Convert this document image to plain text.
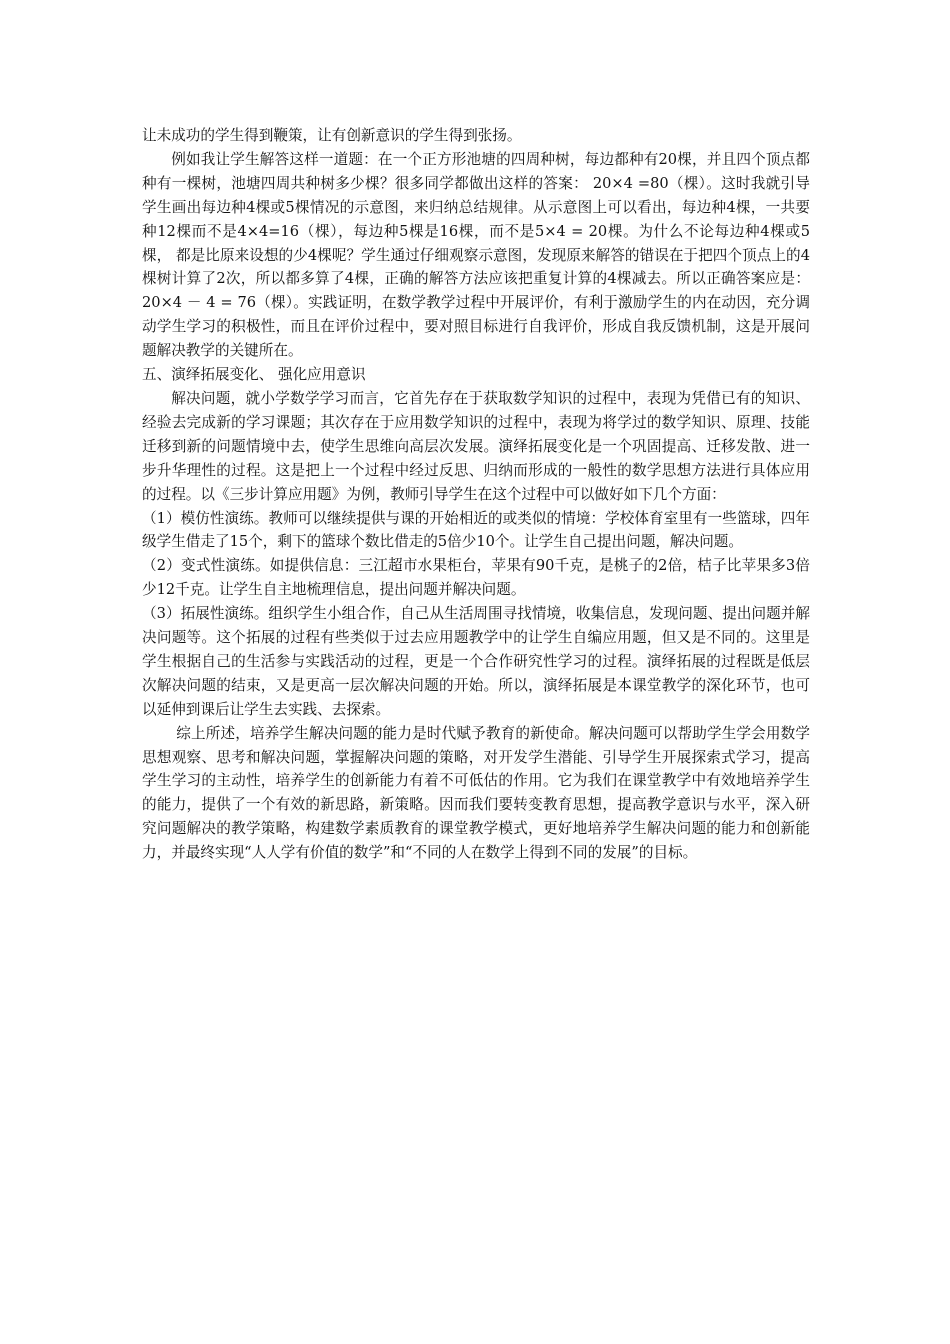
让未成功的学生得到鞭策，让有创新意识的学生得到张扬。

例如我让学生解答这样一道题：在一个正方形池塘的四周种树，每边都种有20棵，并且四个顶点都种有一棵树，池塘四周共种树多少棵？很多同学都做出这样的答案： 20×4 =80（棵）。这时我就引导学生画出每边种4棵或5棵情况的示意图，来归纳总结规律。从示意图上可以看出，每边种4棵，一共要种12棵而不是4×4=16（棵），每边种5棵是16棵，而不是5×4 = 20棵。为什么不论每边种4棵或5棵， 都是比原来设想的少4棵呢？学生通过仔细观察示意图，发现原来解答的错误在于把四个顶点上的4棵树计算了2次，所以都多算了4棵，正确的解答方法应该把重复计算的4棵减去。所以正确答案应是：20×4 － 4 = 76（棵）。实践证明，在数学教学过程中开展评价，有利于激励学生的内在动因，充分调动学生学习的积极性，而且在评价过程中，要对照目标进行自我评价，形成自我反馈机制，这是开展问题解决教学的关键所在。

五、演绎拓展变化、 强化应用意识

解决问题，就小学数学学习而言，它首先存在于获取数学知识的过程中，表现为凭借已有的知识、经验去完成新的学习课题；其次存在于应用数学知识的过程中，表现为将学过的数学知识、原理、技能迁移到新的问题情境中去，使学生思维向高层次发展。演绎拓展变化是一个巩固提高、迁移发散、进一步升华理性的过程。这是把上一个过程中经过反思、归纳而形成的一般性的数学思想方法进行具体应用的过程。以《三步计算应用题》为例，教师引导学生在这个过程中可以做好如下几个方面：

（1）模仿性演练。教师可以继续提供与课的开始相近的或类似的情境：学校体育室里有一些篮球，四年级学生借走了15个，剩下的篮球个数比借走的5倍少10个。让学生自己提出问题，解决问题。

（2）变式性演练。如提供信息：三江超市水果柜台，苹果有90千克，是桃子的2倍，桔子比苹果多3倍少12千克。让学生自主地梳理信息，提出问题并解决问题。

（3）拓展性演练。组织学生小组合作，自己从生活周围寻找情境，收集信息，发现问题、提出问题并解决问题等。这个拓展的过程有些类似于过去应用题教学中的让学生自编应用题，但又是不同的。这里是学生根据自己的生活参与实践活动的过程，更是一个合作研究性学习的过程。演绎拓展的过程既是低层次解决问题的结束，又是更高一层次解决问题的开始。所以，演绎拓展是本课堂教学的深化环节，也可以延伸到课后让学生去实践、去探索。

综上所述，培养学生解决问题的能力是时代赋予教育的新使命。解决问题可以帮助学生学会用数学思想观察、思考和解决问题，掌握解决问题的策略，对开发学生潜能、引导学生开展探索式学习，提高学生学习的主动性，培养学生的创新能力有着不可低估的作用。它为我们在课堂教学中有效地培养学生的能力，提供了一个有效的新思路，新策略。因而我们要转变教育思想，提高教学意识与水平，深入研究问题解决的教学策略，构建数学素质教育的课堂教学模式，更好地培养学生解决问题的能力和创新能力，并最终实现“人人学有价值的数学”和“不同的人在数学上得到不同的发展”的目标。
